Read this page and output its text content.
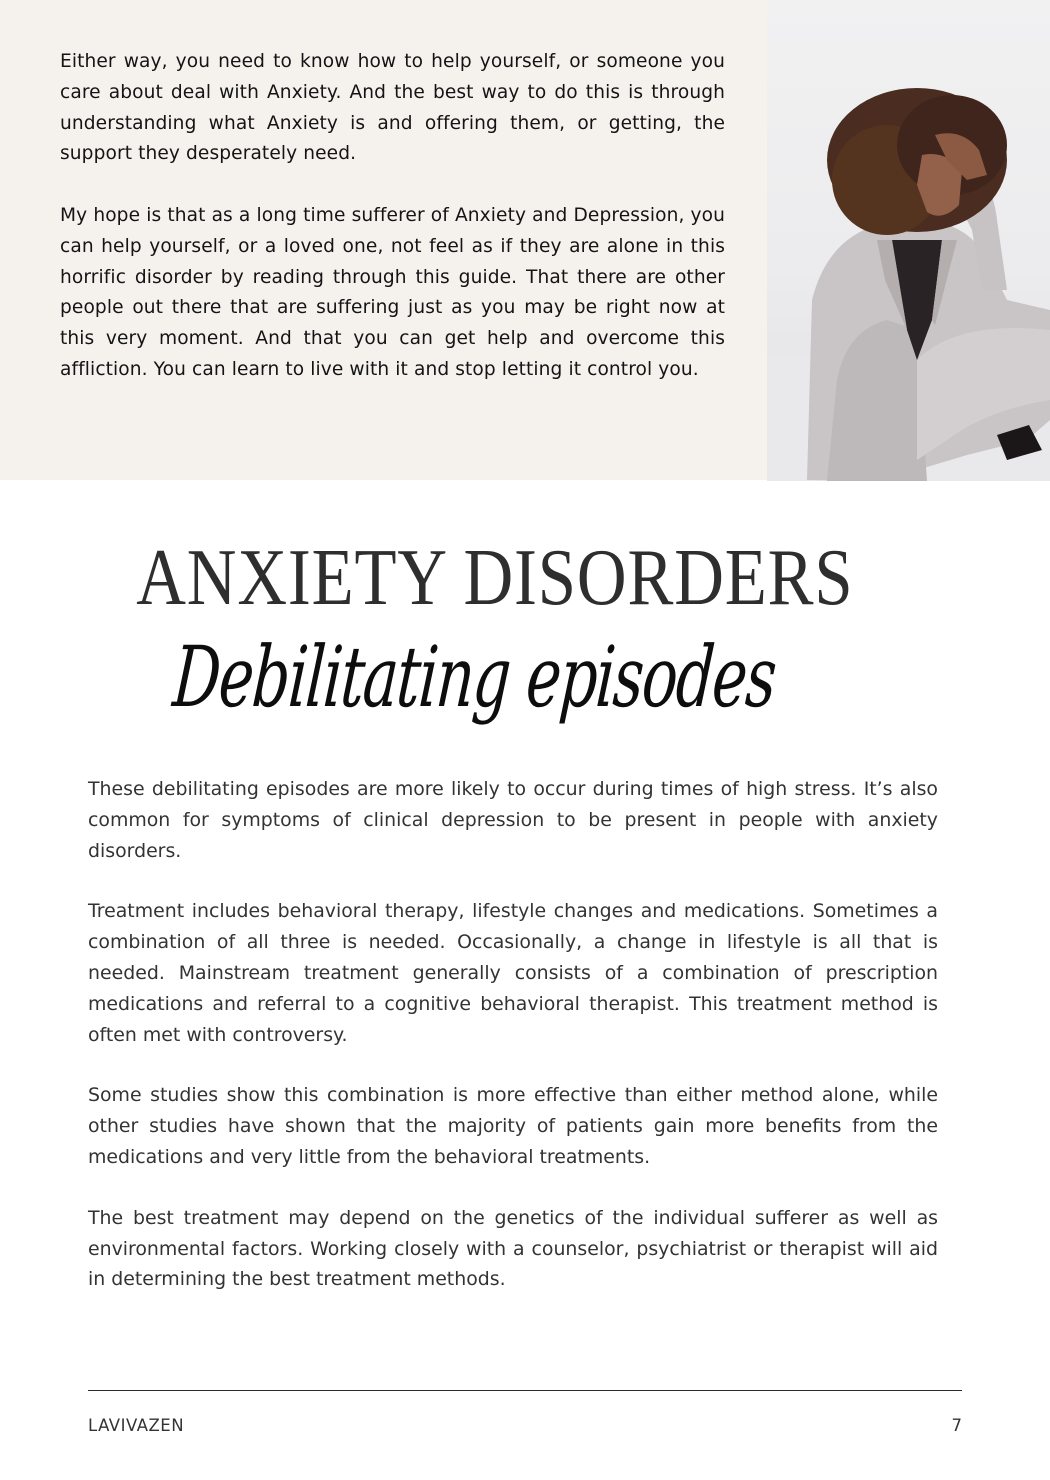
Either way, you need to know how to help yourself, or someone you care about deal with Anxiety. And the best way to do this is through understanding what Anxiety is and offering them, or getting, the support they desperately need.

My hope is that as a long time sufferer of Anxiety and Depression, you can help yourself, or a loved one, not feel as if they are alone in this horrific disorder by reading through this guide. That there are other people out there that are suffering just as you may be right now at this very moment. And that you can get help and overcome this affliction. You can learn to live with it and stop letting it control you.

ANXIETY DISORDERS
Debilitating episodes

These debilitating episodes are more likely to occur during times of high stress. It’s also common for symptoms of clinical depression to be present in people with anxiety disorders.

Treatment includes behavioral therapy, lifestyle changes and medications. Sometimes a combination of all three is needed. Occasionally, a change in lifestyle is all that is needed. Mainstream treatment generally consists of a combination of prescription medications and referral to a cognitive behavioral therapist. This treatment method is often met with controversy.

Some studies show this combination is more effective than either method alone, while other studies have shown that the majority of patients gain more benefits from the medications and very little from the behavioral treatments.

The best treatment may depend on the genetics of the individual sufferer as well as environmental factors. Working closely with a counselor, psychiatrist or therapist will aid in determining the best treatment methods.

LAVIVAZEN	7
